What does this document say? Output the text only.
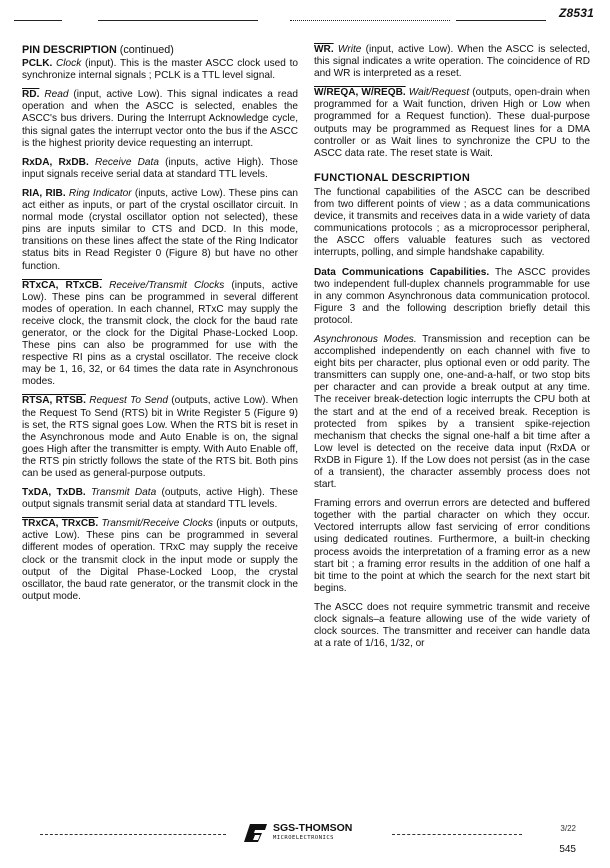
Z8531
PIN DESCRIPTION (continued)

PCLK. Clock (input). This is the master ASCC clock used to synchronize internal signals ; PCLK is a TTL level signal.

RD. Read (input, active Low). This signal indicates a read operation and when the ASCC is selected, enables the ASCC's bus drivers. During the Interrupt Acknowledge cycle, this signal gates the interrupt vector onto the bus if the ASCC is the highest priority device requesting an interrupt.

RxDA, RxDB. Receive Data (inputs, active High). Those input signals receive serial data at standard TTL levels.

RIA, RIB. Ring Indicator (inputs, active Low). These pins can act either as inputs, or part of the crystal oscillator circuit. In normal mode (crystal oscillator option not selected), these pins are inputs similar to CTS and DCD. In this mode, transitions on these lines affect the state of the Ring Indicator status bits in Read Register 0 (Figure 8) but have no other function.

RTxCA, RTxCB. Receive/Transmit Clocks (inputs, active Low). These pins can be programmed in several different modes of operation. In each channel, RTxC may supply the receive clock, the transmit clock, the clock for the baud rate generator, or the clock for the Digital Phase-Locked Loop. These pins can also be programmed for use with the respective RI pins as a crystal oscillator. The receive clock may be 1, 16, 32, or 64 times the data rate in Asynchronous modes.

RTSA, RTSB. Request To Send (outputs, active Low). When the Request To Send (RTS) bit in Write Register 5 (Figure 9) is set, the RTS signal goes Low. When the RTS bit is reset in the Asynchronous mode and Auto Enable is on, the signal goes High after the transmitter is empty. With Auto Enable off, the RTS pin strictly follows the state of the RTS bit. Both pins can be used as general-purpose outputs.

TxDA, TxDB. Transmit Data (outputs, active High). These output signals transmit serial data at standard TTL levels.

TRxCA, TRxCB. Transmit/Receive Clocks (inputs or outputs, active Low). These pins can be programmed in several different modes of operation. TRxC may supply the receive clock or the transmit clock in the input mode or supply the output of the Digital Phase-Locked Loop, the crystal oscillator, the baud rate generator, or the transmit clock in the output mode.

WR. Write (input, active Low). When the ASCC is selected, this signal indicates a write operation. The coincidence of RD and WR is interpreted as a reset.

W/REQA, W/REQB. Wait/Request (outputs, open-drain when programmed for a Wait function, driven High or Low when programmed for a Request function). These dual-purpose outputs may be programmed as Request lines for a DMA controller or as Wait lines to synchronize the CPU to the ASCC data rate. The reset state is Wait.

FUNCTIONAL DESCRIPTION

The functional capabilities of the ASCC can be described from two different points of view ; as a data communications device, it transmits and receives data in a wide variety of data communications protocols ; as a microprocessor peripheral, the ASCC offers valuable features such as vectored interrupts, polling, and simple handshake capability.

Data Communications Capabilities. The ASCC provides two independent full-duplex channels programmable for use in any common Asynchronous data communication protocol. Figure 3 and the following description briefly detail this protocol.

Asynchronous Modes. Transmission and reception can be accomplished independently on each channel with five to eight bits per character, plus optional even or odd parity. The transmitters can supply one, one-and-a-half, or two stop bits per character and can provide a break output at any time. The receiver break-detection logic interrupts the CPU both at the start and at the end of a received break. Reception is protected from spikes by a transient spike-rejection mechanism that checks the signal one-half a bit time after a Low level is detected on the receive data input (RxDA or RxDB in Figure 1). If the Low does not persist (as in the case of a transient), the character assembly process does not start.

Framing errors and overrun errors are detected and buffered together with the partial character on which they occur. Vectored interrupts allow fast servicing of error conditions using dedicated routines. Furthermore, a built-in checking process avoids the interpretation of a framing error as a new start bit ; a framing error results in the addition of one half a bit time to the point at which the search for the next start bit begins.

The ASCC does not require symmetric transmit and receive clock signals–a feature allowing use of the wide variety of clock sources. The transmitter and receiver can handle data at a rate of 1/16, 1/32, or

SGS-THOMSON
MICROELECTRONICS
3/22
545
